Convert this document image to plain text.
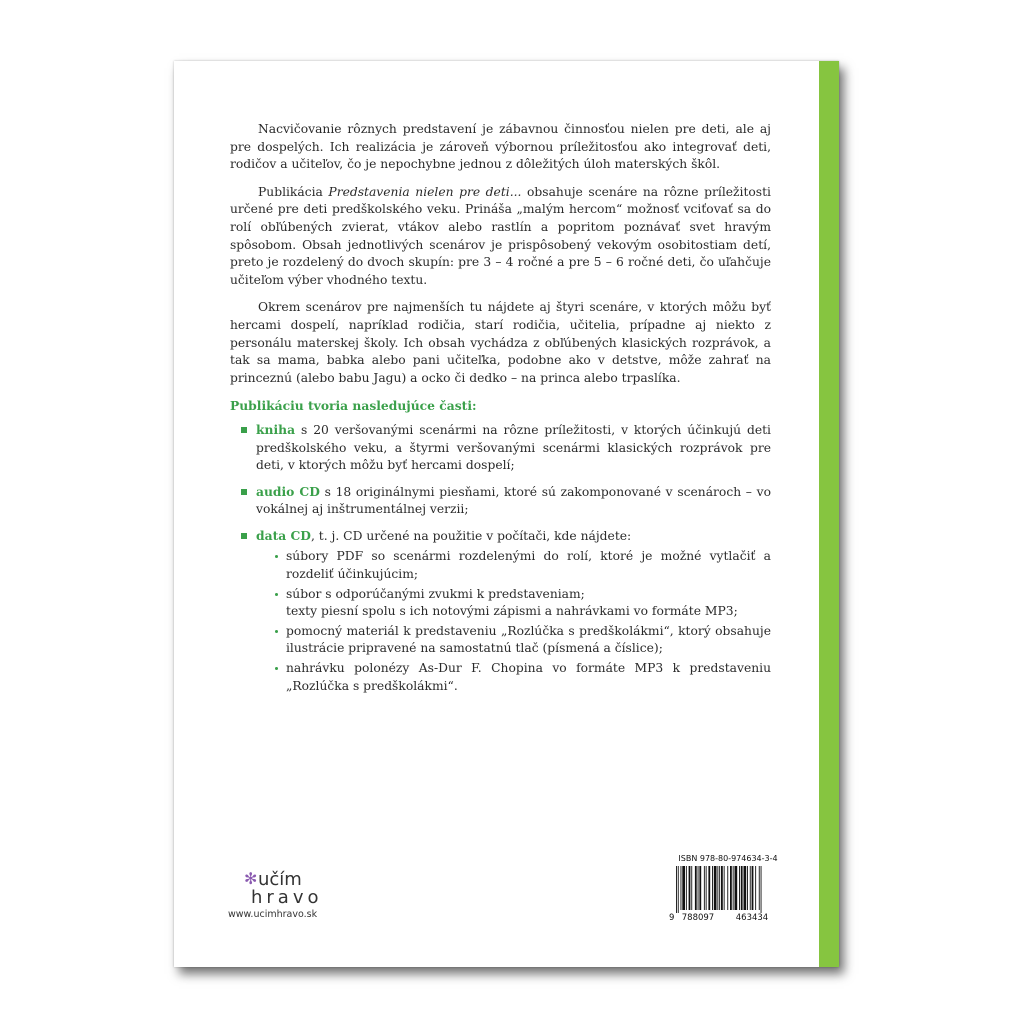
Nacvičovanie rôznych predstavení je zábavnou činnosťou nielen pre deti, ale aj pre dospelých. Ich realizácia je zároveň výbornou príležitosťou ako integrovať deti, rodičov a učiteľov, čo je nepochybne jednou z dôležitých úloh materských škôl.

Publikácia Predstavenia nielen pre deti... obsahuje scenáre na rôzne príležitosti určené pre deti predškolského veku. Prináša „malým hercom“ možnosť vciťovať sa do rolí obľúbených zvierat, vtákov alebo rastlín a popritom poznávať svet hravým spôsobom. Obsah jednotlivých scenárov je prispôsobený vekovým osobitostiam detí, preto je rozdelený do dvoch skupín: pre 3 – 4 ročné a pre 5 – 6 ročné deti, čo uľahčuje učiteľom výber vhodného textu.

Okrem scenárov pre najmenších tu nájdete aj štyri scenáre, v ktorých môžu byť hercami dospelí, napríklad rodičia, starí rodičia, učitelia, prípadne aj niekto z personálu materskej školy. Ich obsah vychádza z obľúbených klasických rozprávok, a tak sa mama, babka alebo pani učiteľka, podobne ako v detstve, môže zahrať na princeznú (alebo babu Jagu) a ocko či dedko – na princa alebo trpaslíka.

Publikáciu tvoria nasledujúce časti:
kniha s 20 veršovanými scenármi na rôzne príležitosti, v ktorých účinkujú deti predškolského veku, a štyrmi veršovanými scenármi klasických rozprávok pre deti, v ktorých môžu byť hercami dospelí;
audio CD s 18 originálnymi piesňami, ktoré sú zakomponované v scenároch – vo vokálnej aj inštrumentálnej verzii;
data CD, t. j. CD určené na použitie v počítači, kde nájdete:
súbory PDF so scenármi rozdelenými do rolí, ktoré je možné vytlačiť a rozdeliť účinkujúcim;
súbor s odporúčanými zvukmi k predstaveniam;
texty piesní spolu s ich notovými zápismi a nahrávkami vo formáte MP3;
pomocný materiál k predstaveniu „Rozlúčka s predškolákmi“, ktorý obsahuje ilustrácie pripravené na samostatnú tlač (písmená a číslice);
nahrávku polonézy As-Dur F. Chopina vo formáte MP3 k predstaveniu „Rozlúčka s predškolákmi“.
✻ učím
hravo
www.ucimhravo.sk
ISBN 978-80-974634-3-4
9 788097	463434
